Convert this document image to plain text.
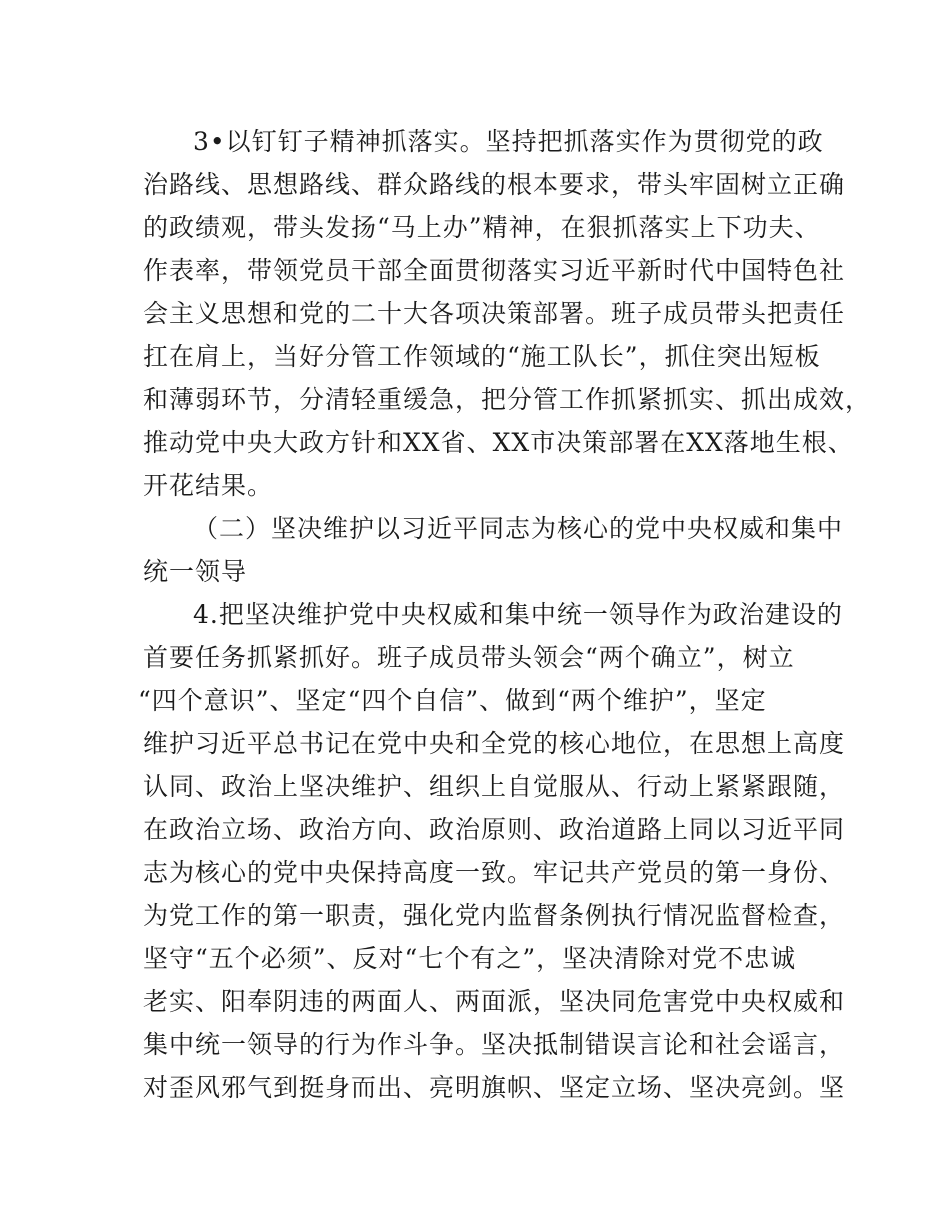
3•以钉钉子精神抓落实。坚持把抓落实作为贯彻党的政
治路线、思想路线、群众路线的根本要求，带头牢固树立正确
的政绩观，带头发扬“马上办”精神，在狠抓落实上下功夫、
作表率，带领党员干部全面贯彻落实习近平新时代中国特色社
会主义思想和党的二十大各项决策部署。班子成员带头把责任
扛在肩上，当好分管工作领域的“施工队长”，抓住突出短板
和薄弱环节，分清轻重缓急，把分管工作抓紧抓实、抓出成效，
推动党中央大政方针和XX省、XX市决策部署在XX落地生根、
开花结果。
（二）坚决维护以习近平同志为核心的党中央权威和集中
统一领导
4.把坚决维护党中央权威和集中统一领导作为政治建设的
首要任务抓紧抓好。班子成员带头领会“两个确立”，树立
“四个意识”、坚定“四个自信”、做到“两个维护”，坚定
维护习近平总书记在党中央和全党的核心地位，在思想上高度
认同、政治上坚决维护、组织上自觉服从、行动上紧紧跟随，
在政治立场、政治方向、政治原则、政治道路上同以习近平同
志为核心的党中央保持高度一致。牢记共产党员的第一身份、
为党工作的第一职责，强化党内监督条例执行情况监督检查，
坚守“五个必须”、反对“七个有之”，坚决清除对党不忠诚
老实、阳奉阴违的两面人、两面派，坚决同危害党中央权威和
集中统一领导的行为作斗争。坚决抵制错误言论和社会谣言，
对歪风邪气到挺身而出、亮明旗帜、坚定立场、坚决亮剑。坚
